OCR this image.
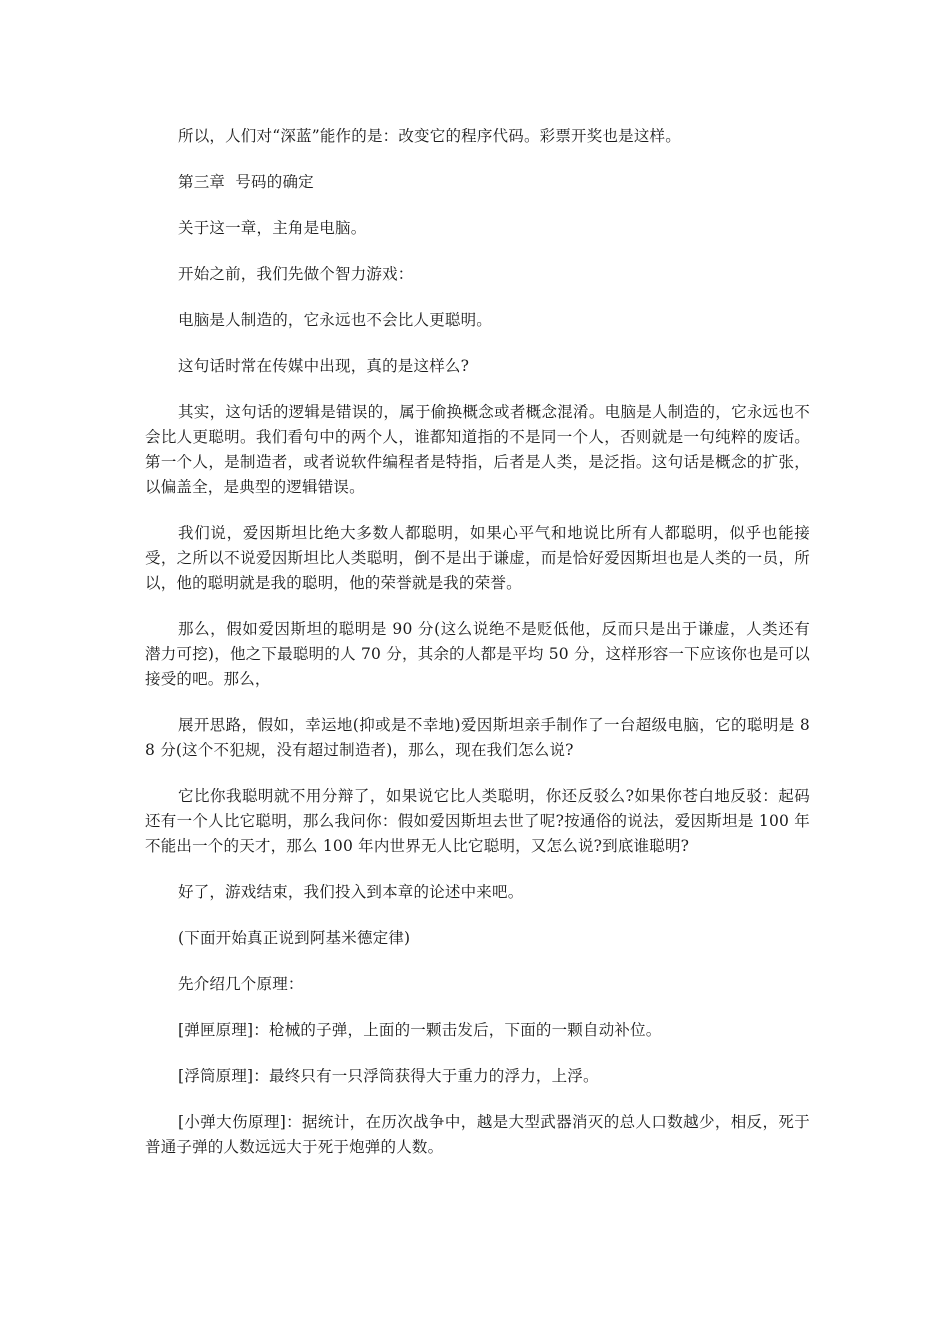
所以，人们对“深蓝”能作的是：改变它的程序代码。彩票开奖也是这样。

第三章  号码的确定

关于这一章，主角是电脑。

开始之前，我们先做个智力游戏：

电脑是人制造的，它永远也不会比人更聪明。

这句话时常在传媒中出现，真的是这样么?

其实，这句话的逻辑是错误的，属于偷换概念或者概念混淆。电脑是人制造的，它永远也不会比人更聪明。我们看句中的两个人，谁都知道指的不是同一个人，否则就是一句纯粹的废话。第一个人，是制造者，或者说软件编程者是特指，后者是人类，是泛指。这句话是概念的扩张，以偏盖全，是典型的逻辑错误。

我们说，爱因斯坦比绝大多数人都聪明，如果心平气和地说比所有人都聪明，似乎也能接受，之所以不说爱因斯坦比人类聪明，倒不是出于谦虚，而是恰好爱因斯坦也是人类的一员，所以，他的聪明就是我的聪明，他的荣誉就是我的荣誉。

那么，假如爱因斯坦的聪明是 90 分(这么说绝不是贬低他，反而只是出于谦虚，人类还有潜力可挖)，他之下最聪明的人 70 分，其余的人都是平均 50 分，这样形容一下应该你也是可以接受的吧。那么，

展开思路，假如，幸运地(抑或是不幸地)爱因斯坦亲手制作了一台超级电脑，它的聪明是 88 分(这个不犯规，没有超过制造者)，那么，现在我们怎么说?

它比你我聪明就不用分辩了，如果说它比人类聪明，你还反驳么?如果你苍白地反驳：起码还有一个人比它聪明，那么我问你：假如爱因斯坦去世了呢?按通俗的说法，爱因斯坦是 100 年不能出一个的天才，那么 100 年内世界无人比它聪明，又怎么说?到底谁聪明?

好了，游戏结束，我们投入到本章的论述中来吧。

(下面开始真正说到阿基米德定律)

先介绍几个原理：

[弹匣原理]：枪械的子弹，上面的一颗击发后，下面的一颗自动补位。

[浮筒原理]：最终只有一只浮筒获得大于重力的浮力，上浮。

[小弹大伤原理]：据统计，在历次战争中，越是大型武器消灭的总人口数越少，相反，死于普通子弹的人数远远大于死于炮弹的人数。
